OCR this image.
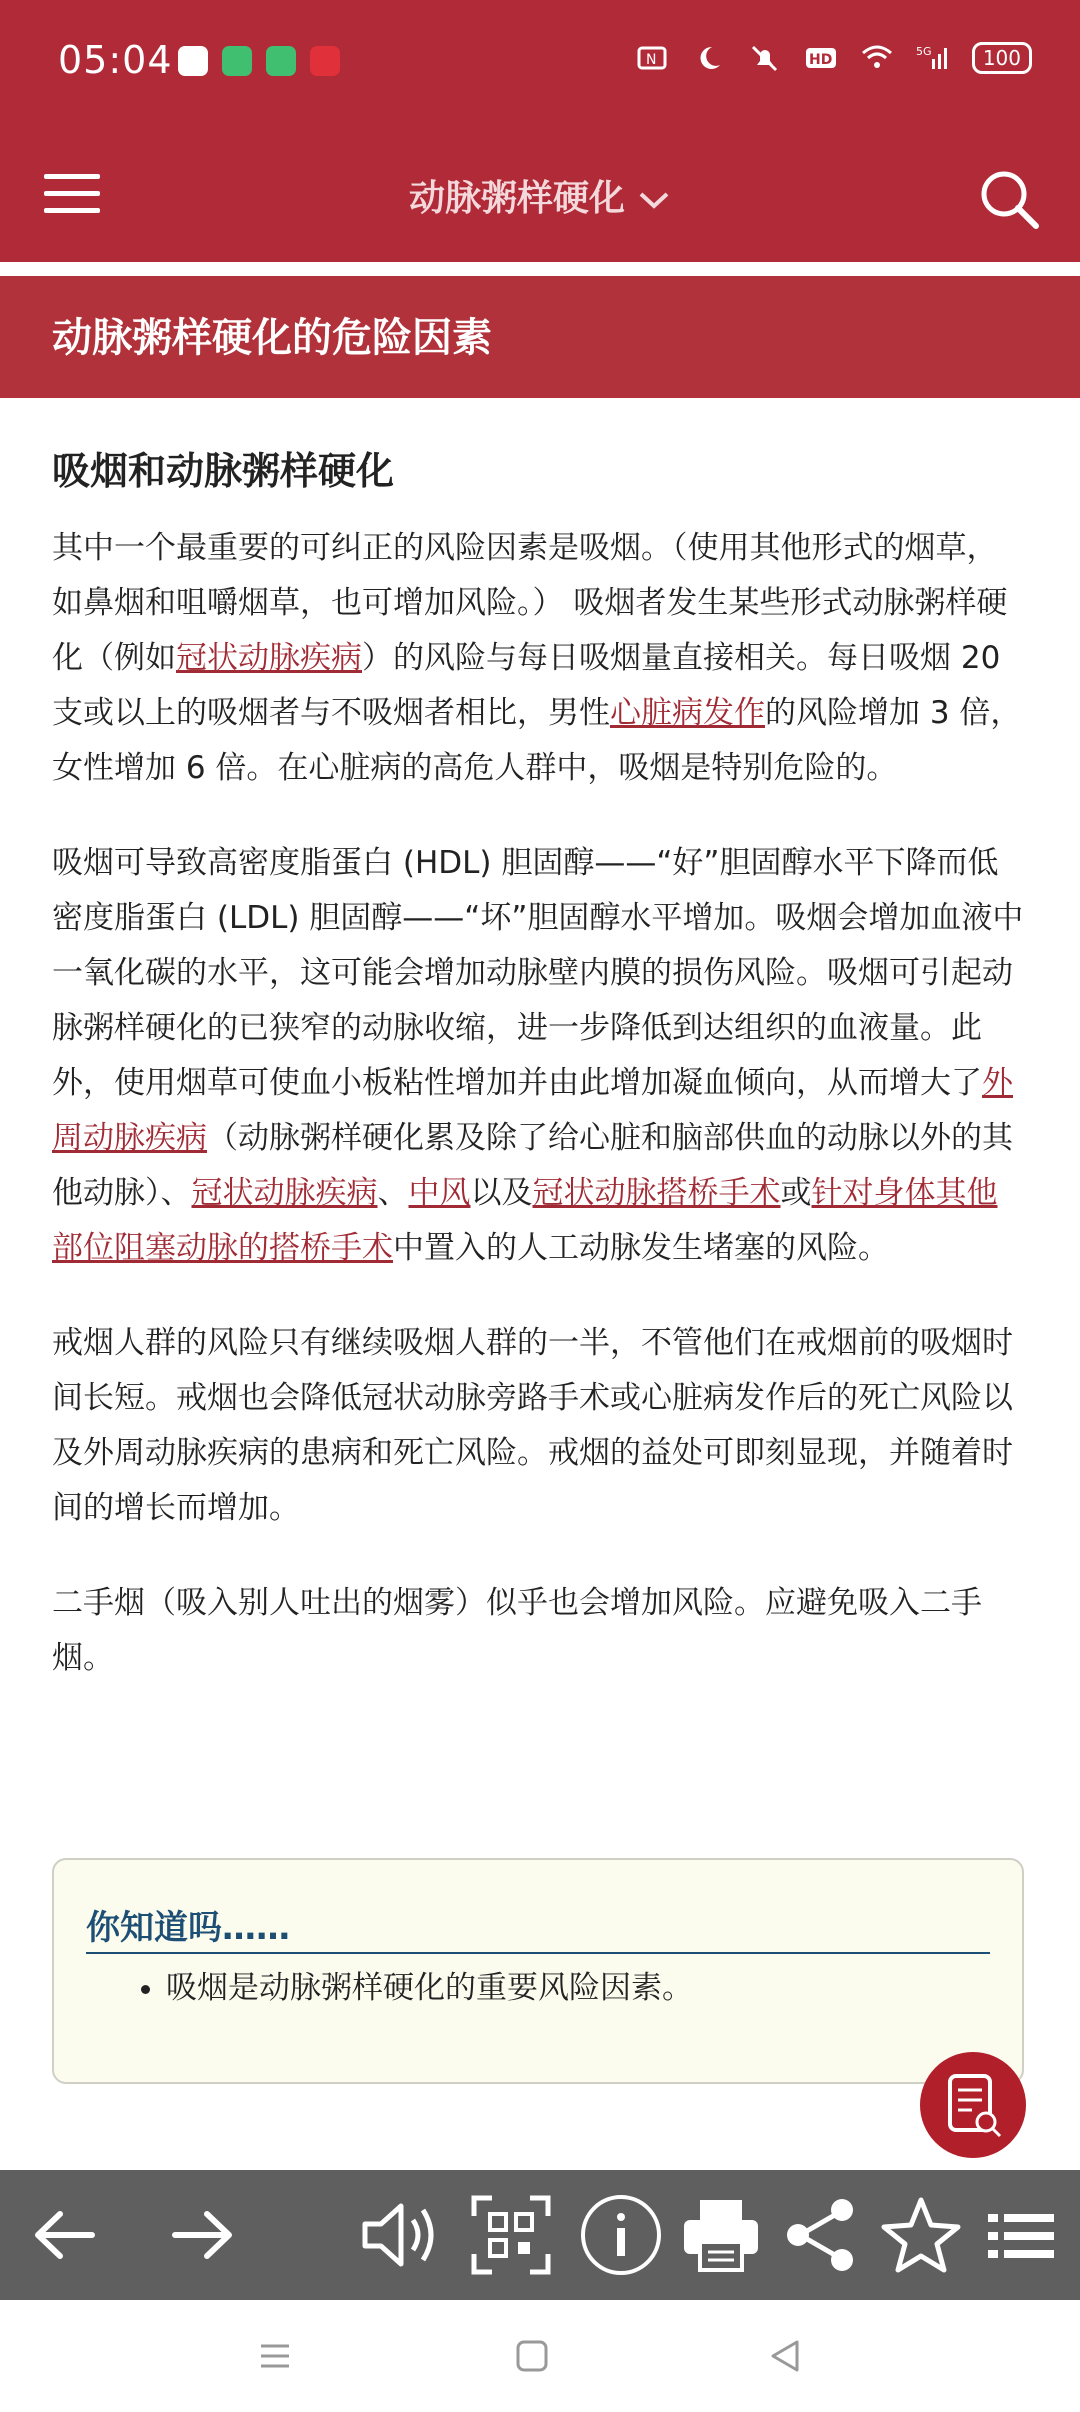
05:04	N	HD
5G	100
动脉粥样硬化
动脉粥样硬化的危险因素
吸烟和动脉粥样硬化

其中一个最重要的可纠正的风险因素是吸烟。（使用其他形式的烟草，如鼻烟和咀嚼烟草，也可增加风险。） 吸烟者发生某些形式动脉粥样硬化（例如冠状动脉疾病）的风险与每日吸烟量直接相关。每日吸烟 20 支或以上的吸烟者与不吸烟者相比，男性心脏病发作的风险增加 3 倍，女性增加 6 倍。在心脏病的高危人群中，吸烟是特别危险的。

吸烟可导致高密度脂蛋白 (HDL) 胆固醇——“好”胆固醇水平下降而低密度脂蛋白 (LDL) 胆固醇——“坏”胆固醇水平增加。吸烟会增加血液中一氧化碳的水平，这可能会增加动脉壁内膜的损伤风险。吸烟可引起动脉粥样硬化的已狭窄的动脉收缩，进一步降低到达组织的血液量。此外，使用烟草可使血小板粘性增加并由此增加凝血倾向，从而增大了外周动脉疾病（动脉粥样硬化累及除了给心脏和脑部供血的动脉以外的其他动脉）、冠状动脉疾病、中风以及冠状动脉搭桥手术或针对身体其他部位阻塞动脉的搭桥手术中置入的人工动脉发生堵塞的风险。

戒烟人群的风险只有继续吸烟人群的一半，不管他们在戒烟前的吸烟时间长短。戒烟也会降低冠状动脉旁路手术或心脏病发作后的死亡风险以及外周动脉疾病的患病和死亡风险。戒烟的益处可即刻显现，并随着时间的增长而增加。

二手烟（吸入别人吐出的烟雾）似乎也会增加风险。应避免吸入二手烟。

你知道吗……
• 吸烟是动脉粥样硬化的重要风险因素。
